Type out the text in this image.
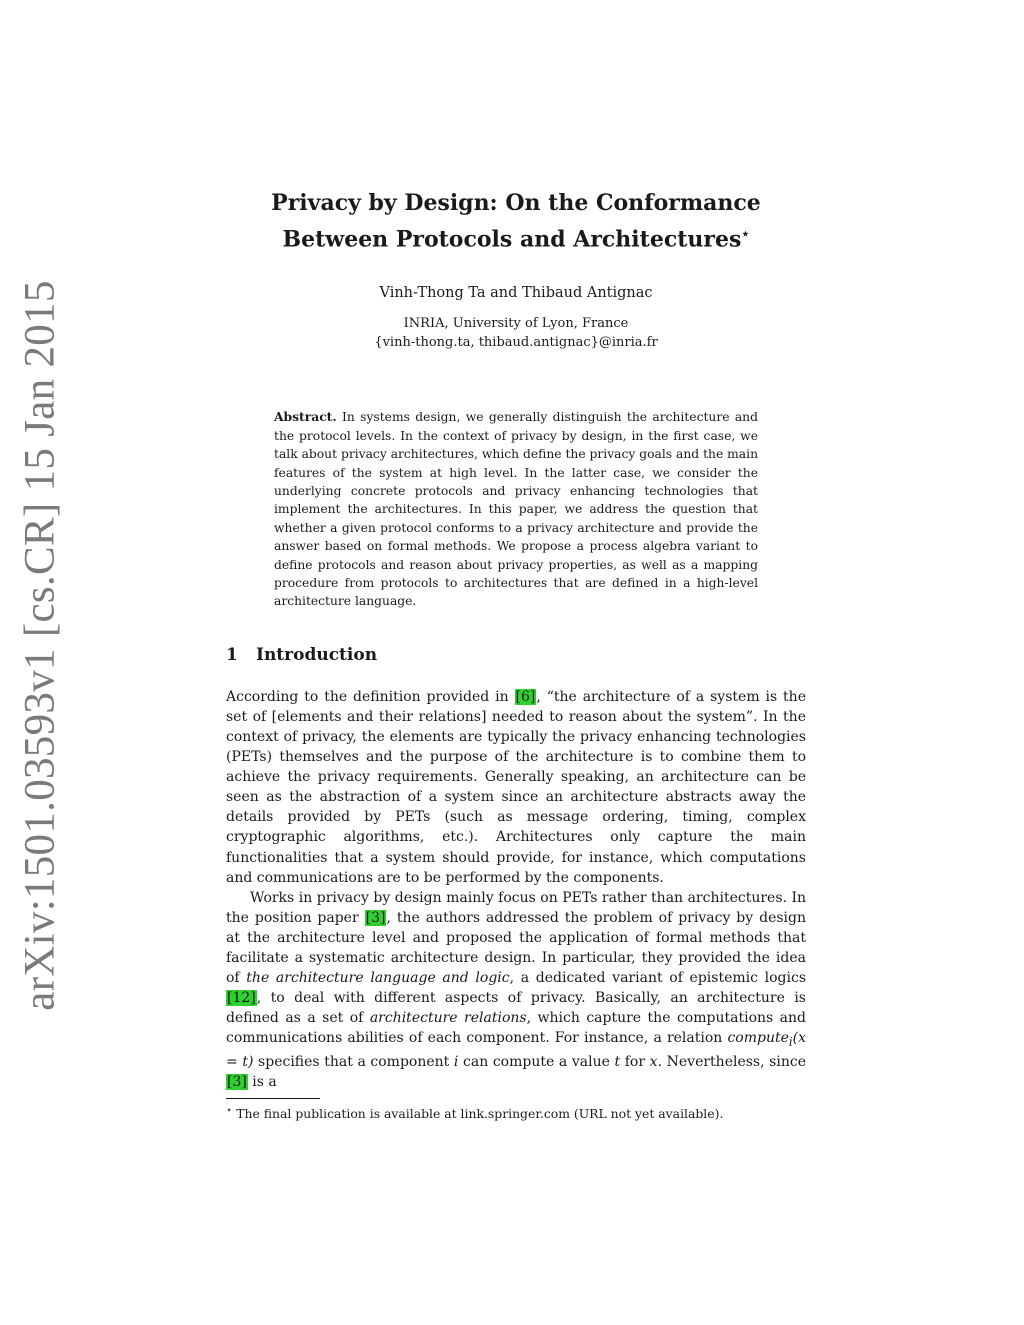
arXiv:1501.03593v1 [cs.CR] 15 Jan 2015
Privacy by Design: On the Conformance
Between Protocols and Architectures⋆
Vinh-Thong Ta and Thibaud Antignac
INRIA, University of Lyon, France
{vinh-thong.ta, thibaud.antignac}@inria.fr
Abstract. In systems design, we generally distinguish the architecture and the protocol levels. In the context of privacy by design, in the first case, we talk about privacy architectures, which define the privacy goals and the main features of the system at high level. In the latter case, we consider the underlying concrete protocols and privacy enhancing technologies that implement the architectures. In this paper, we address the question that whether a given protocol conforms to a privacy architecture and provide the answer based on formal methods. We propose a process algebra variant to define protocols and reason about privacy properties, as well as a mapping procedure from protocols to architectures that are defined in a high-level architecture language.
1 Introduction

According to the definition provided in [6], “the architecture of a system is the set of [elements and their relations] needed to reason about the system”. In the context of privacy, the elements are typically the privacy enhancing technologies (PETs) themselves and the purpose of the architecture is to combine them to achieve the privacy requirements. Generally speaking, an architecture can be seen as the abstraction of a system since an architecture abstracts away the details provided by PETs (such as message ordering, timing, complex cryptographic algorithms, etc.). Architectures only capture the main functionalities that a system should provide, for instance, which computations and communications are to be performed by the components.

Works in privacy by design mainly focus on PETs rather than architectures. In the position paper [3], the authors addressed the problem of privacy by design at the architecture level and proposed the application of formal methods that facilitate a systematic architecture design. In particular, they provided the idea of the architecture language and logic, a dedicated variant of epistemic logics [12], to deal with different aspects of privacy. Basically, an architecture is defined as a set of architecture relations, which capture the computations and communications abilities of each component. For instance, a relation compute$_i$(x = t) specifies that a component i can compute a value t for x. Nevertheless, since [3] is a

⋆ The final publication is available at link.springer.com (URL not yet available).
